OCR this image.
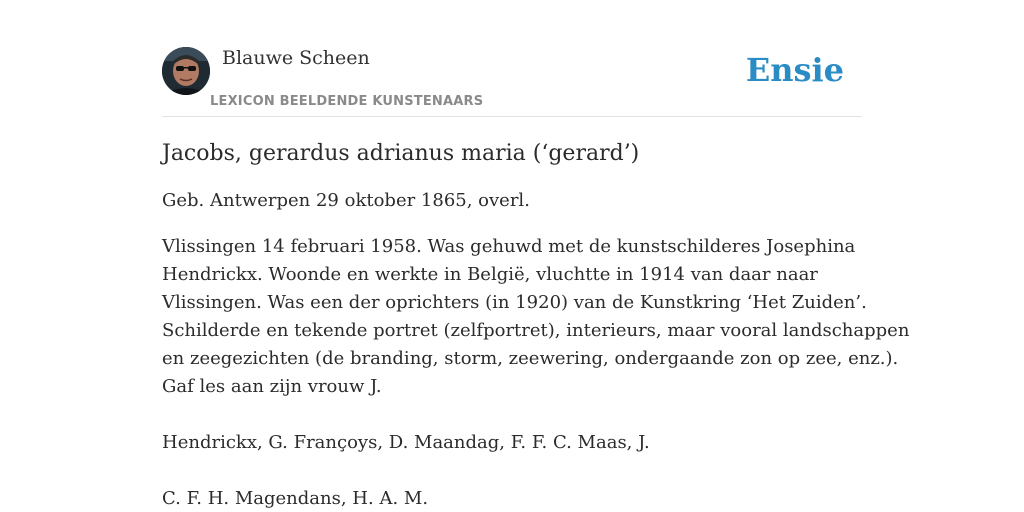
Blauwe Scheen
LEXICON BEELDENDE KUNSTENAARS
Ensie
Jacobs, gerardus adrianus maria (‘gerard’)

Geb. Antwerpen 29 oktober 1865, overl.

Vlissingen 14 februari 1958. Was gehuwd met de kunstschilderes Josephina
Hendrickx. Woonde en werkte in België, vluchtte in 1914 van daar naar
Vlissingen. Was een der oprichters (in 1920) van de Kunstkring ‘Het Zuiden’.
Schilderde en tekende portret (zelfportret), interieurs, maar vooral landschappen
en zeegezichten (de branding, storm, zeewering, ondergaande zon op zee, enz.).
Gaf les aan zijn vrouw J.
Hendrickx, G. Françoys, D. Maandag, F. F. C. Maas, J.
C. F. H. Magendans, H. A. M.
